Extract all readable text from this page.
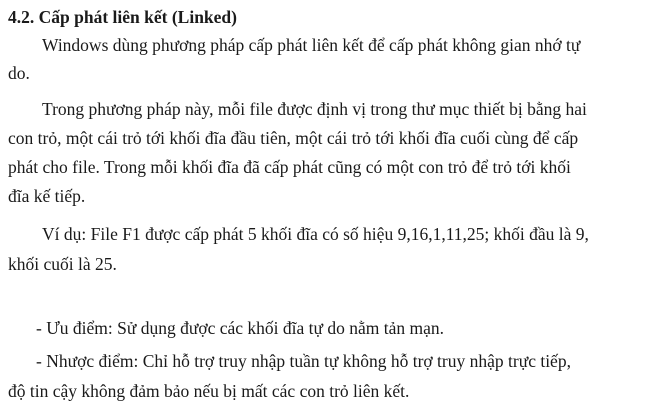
4.2. Cấp phát liên kết (Linked)
Windows dùng phương pháp cấp phát liên kết để cấp phát không gian nhớ tự
do.
Trong phương pháp này, mỗi file được định vị trong thư mục thiết bị bằng hai
con trỏ, một cái trỏ tới khối đĩa đầu tiên, một cái trỏ tới khối đĩa cuối cùng để cấp
phát cho file. Trong mỗi khối đĩa đã cấp phát cũng có một con trỏ để trỏ tới khối
đĩa kế tiếp.
Ví dụ: File F1 được cấp phát 5 khối đĩa có số hiệu 9,16,1,11,25; khối đầu là 9,
khối cuối là 25.
- Ưu điểm: Sử dụng được các khối đĩa tự do nằm tản mạn.
- Nhược điểm: Chỉ hỗ trợ truy nhập tuần tự không hỗ trợ truy nhập trực tiếp,
độ tin cậy không đảm bảo nếu bị mất các con trỏ liên kết.
